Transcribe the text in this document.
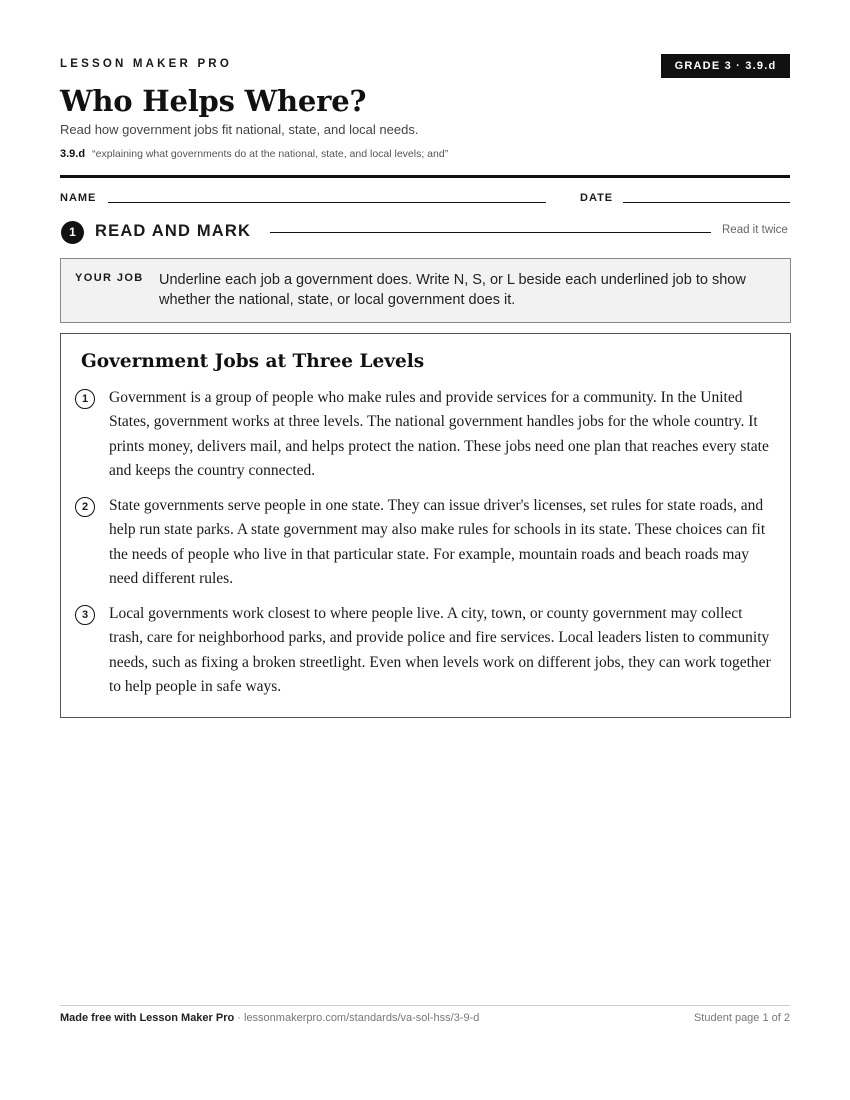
LESSON MAKER PRO	GRADE 3 · 3.9.d
Who Helps Where?
Read how government jobs fit national, state, and local needs.
3.9.d “explaining what governments do at the national, state, and local levels; and”
NAME	DATE
1	READ AND MARK	Read it twice
YOUR JOB Underline each job a government does. Write N, S, or L beside each underlined job to show whether the national, state, or local government does it.
Government Jobs at Three Levels
1	Government is a group of people who make rules and provide services for a community. In the United States, government works at three levels. The national government handles jobs for the whole country. It prints money, delivers mail, and helps protect the nation. These jobs need one plan that reaches every state and keeps the country connected.

2	State governments serve people in one state. They can issue driver's licenses, set rules for state roads, and help run state parks. A state government may also make rules for schools in its state. These choices can fit the needs of people who live in that particular state. For example, mountain roads and beach roads may need different rules.

3	Local governments work closest to where people live. A city, town, or county government may collect trash, care for neighborhood parks, and provide police and fire services. Local leaders listen to community needs, such as fixing a broken streetlight. Even when levels work on different jobs, they can work together to help people in safe ways.

Made free with Lesson Maker Pro · lessonmakerpro.com/standards/va-sol-hss/3-9-d	Student page 1 of 2
